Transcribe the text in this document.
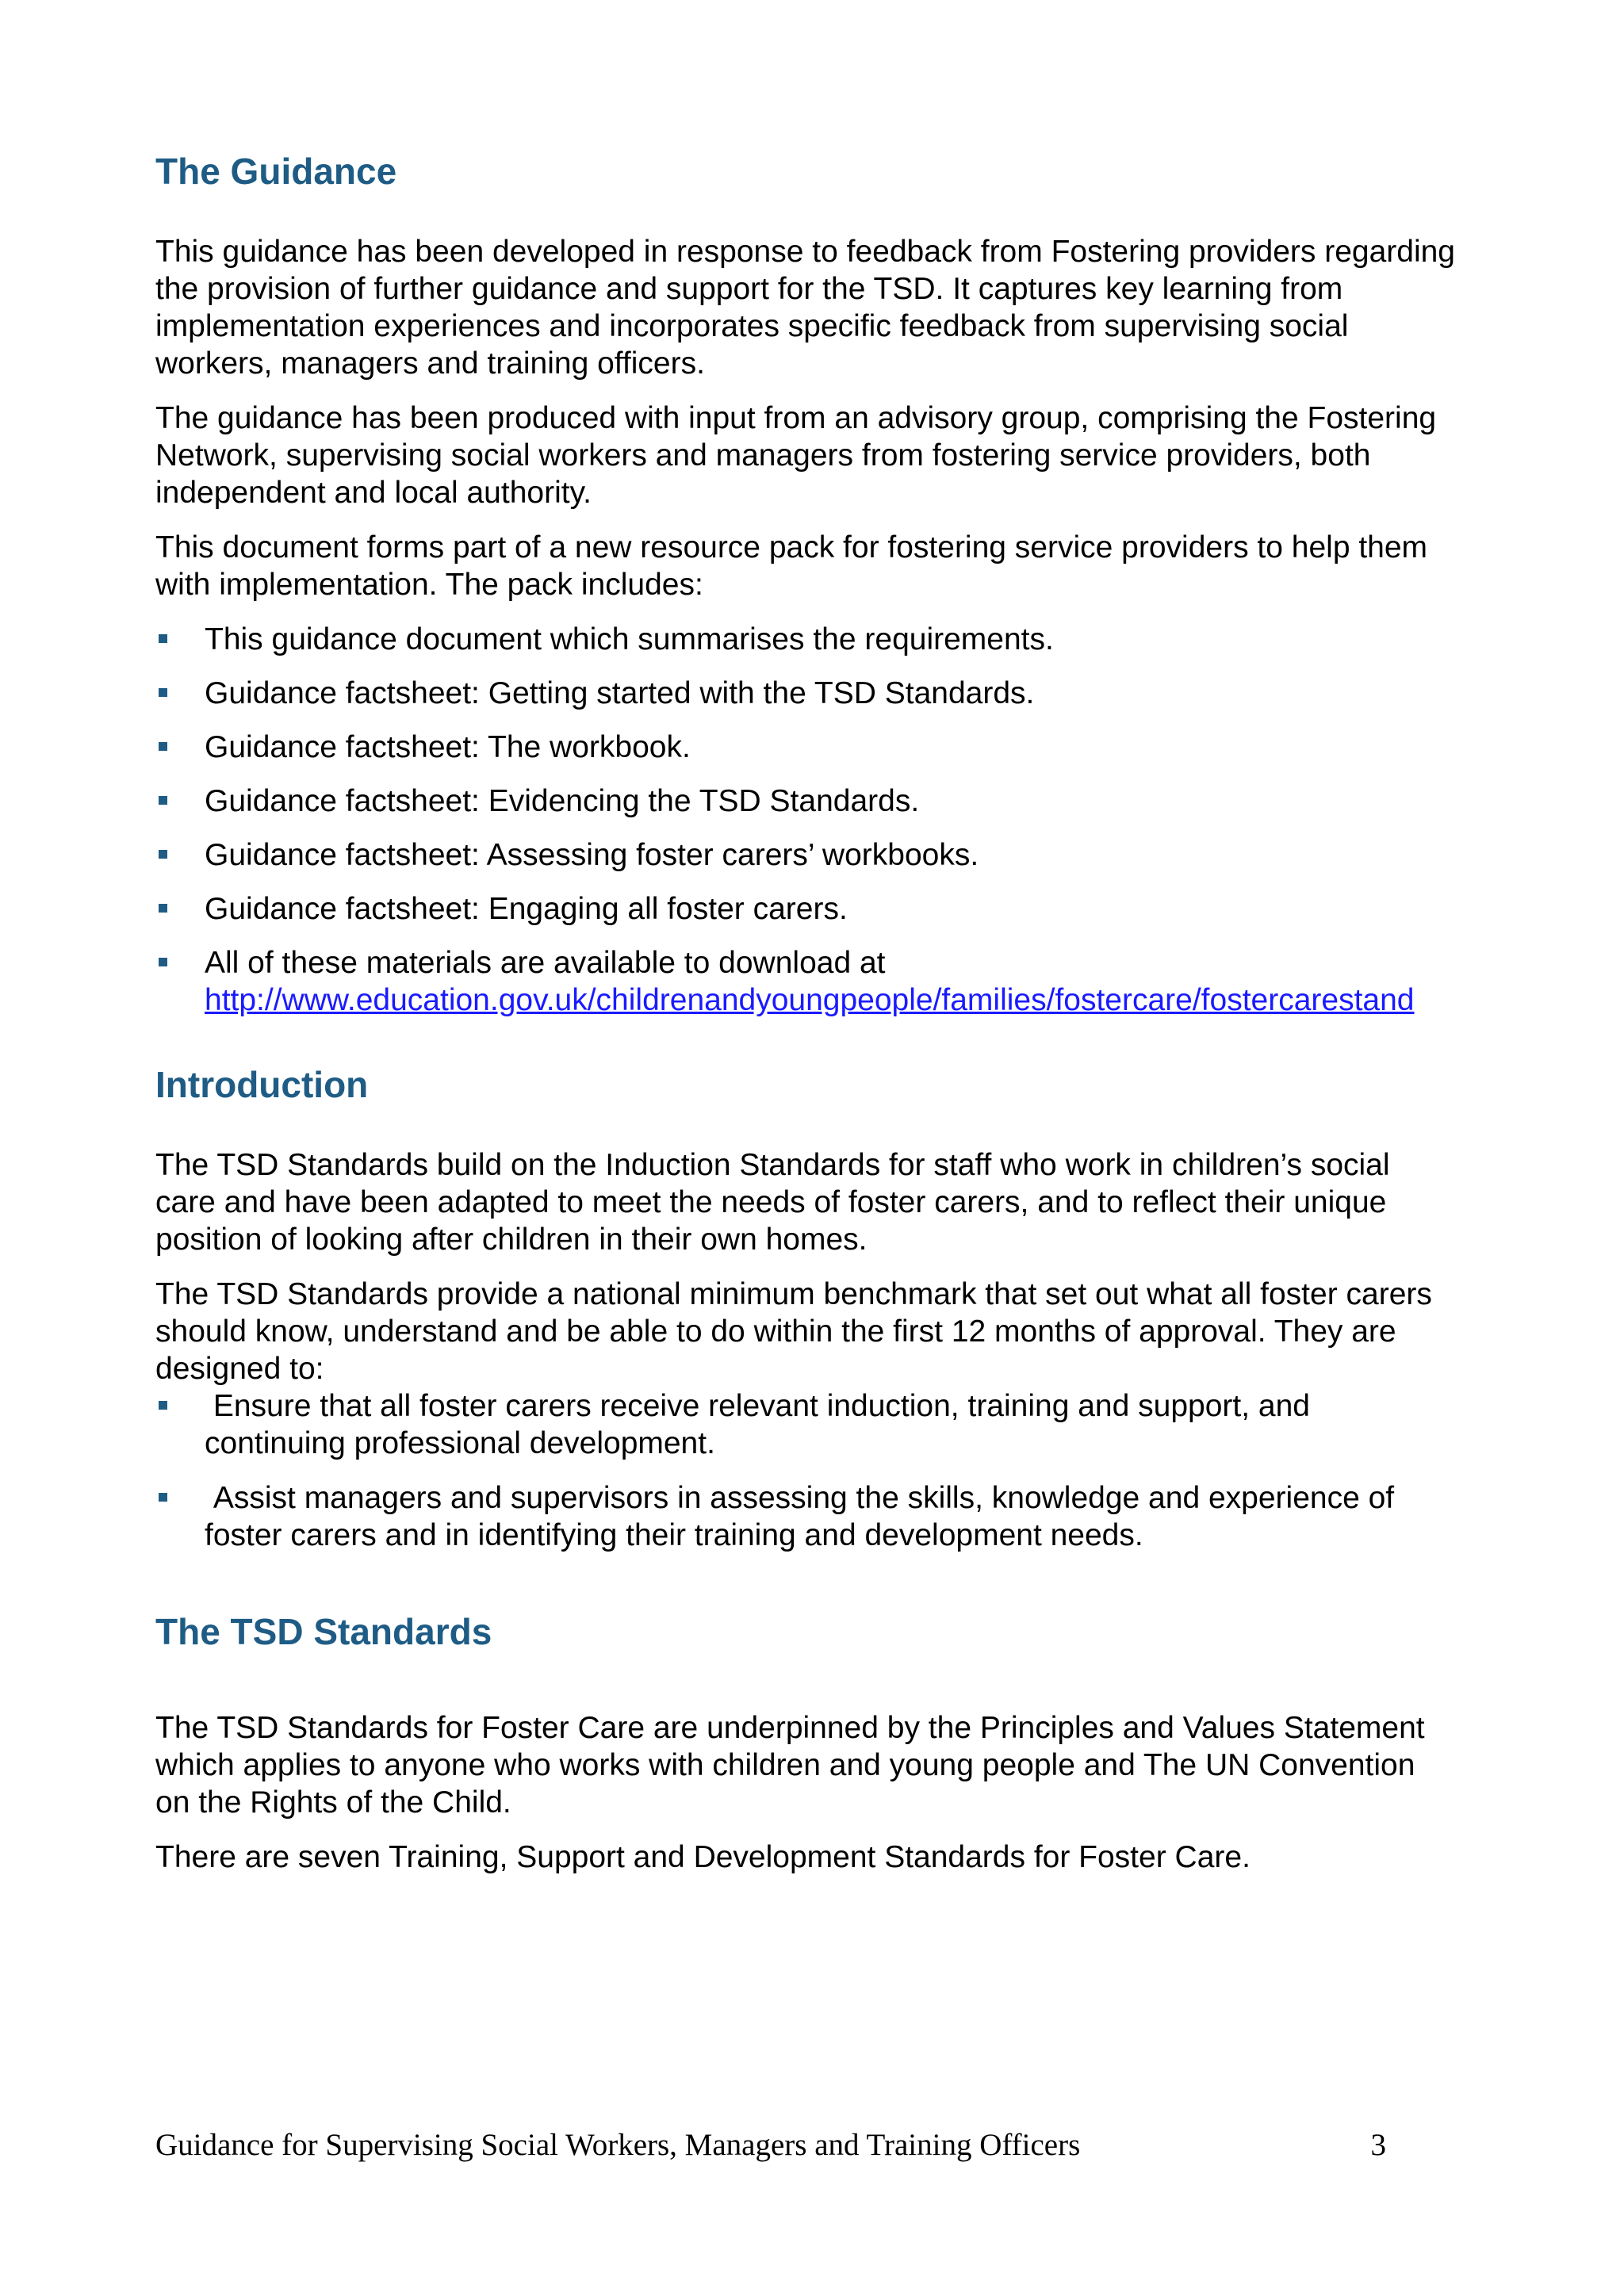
The Guidance

This guidance has been developed in response to feedback from Fostering providers regarding the provision of further guidance and support for the TSD. It captures key learning from implementation experiences and incorporates specific feedback from supervising social workers, managers and training officers.

The guidance has been produced with input from an advisory group, comprising the Fostering Network, supervising social workers and managers from fostering service providers, both independent and local authority.

This document forms part of a new resource pack for fostering service providers to help them with implementation. The pack includes:

This guidance document which summarises the requirements.
Guidance factsheet: Getting started with the TSD Standards.
Guidance factsheet: The workbook.
Guidance factsheet: Evidencing the TSD Standards.
Guidance factsheet: Assessing foster carers’ workbooks.
Guidance factsheet: Engaging all foster carers.
All of these materials are available to download at
http://www.education.gov.uk/childrenandyoungpeople/families/fostercare/fostercarestand
Introduction

The TSD Standards build on the Induction Standards for staff who work in children’s social care and have been adapted to meet the needs of foster carers, and to reflect their unique position of looking after children in their own homes.

The TSD Standards provide a national minimum benchmark that set out what all foster carers should know, understand and be able to do within the first 12 months of approval. They are designed to:

Ensure that all foster carers receive relevant induction, training and support, and continuing professional development.
Assist managers and supervisors in assessing the skills, knowledge and experience of foster carers and in identifying their training and development needs.
The TSD Standards

The TSD Standards for Foster Care are underpinned by the Principles and Values Statement which applies to anyone who works with children and young people and The UN Convention on the Rights of the Child.

There are seven Training, Support and Development Standards for Foster Care.

Guidance for Supervising Social Workers, Managers and Training Officers	3
